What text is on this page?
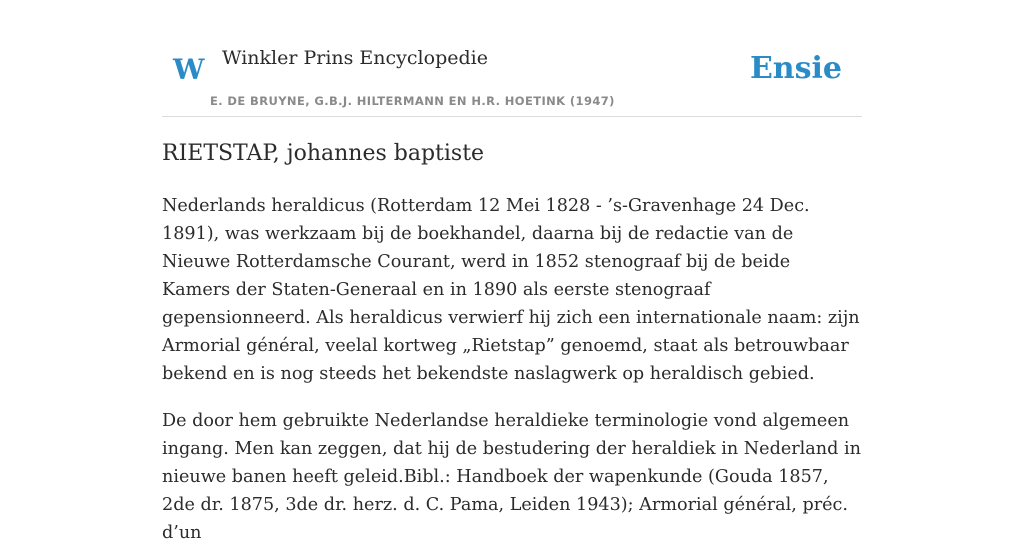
W Winkler Prins Encyclopedie
E. DE BRUYNE, G.B.J. HILTERMANN EN H.R. HOETINK (1947)
Ensie
RIETSTAP, johannes baptiste

Nederlands heraldicus (Rotterdam 12 Mei 1828 - ’s-Gravenhage 24 Dec. 1891), was werkzaam bij de boekhandel, daarna bij de redactie van de Nieuwe Rotterdamsche Courant, werd in 1852 stenograaf bij de beide Kamers der Staten-Generaal en in 1890 als eerste stenograaf gepensionneerd. Als heraldicus verwierf hij zich een internationale naam: zijn Armorial général, veelal kortweg „Rietstap” genoemd, staat als betrouwbaar bekend en is nog steeds het bekendste naslagwerk op heraldisch gebied.

De door hem gebruikte Nederlandse heraldieke terminologie vond algemeen ingang. Men kan zeggen, dat hij de bestudering der heraldiek in Nederland in nieuwe banen heeft geleid.Bibl.: Handboek der wapenkunde (Gouda 1857, 2de dr. 1875, 3de dr. herz. d. C. Pama, Leiden 1943); Armorial général, préc. d’un
